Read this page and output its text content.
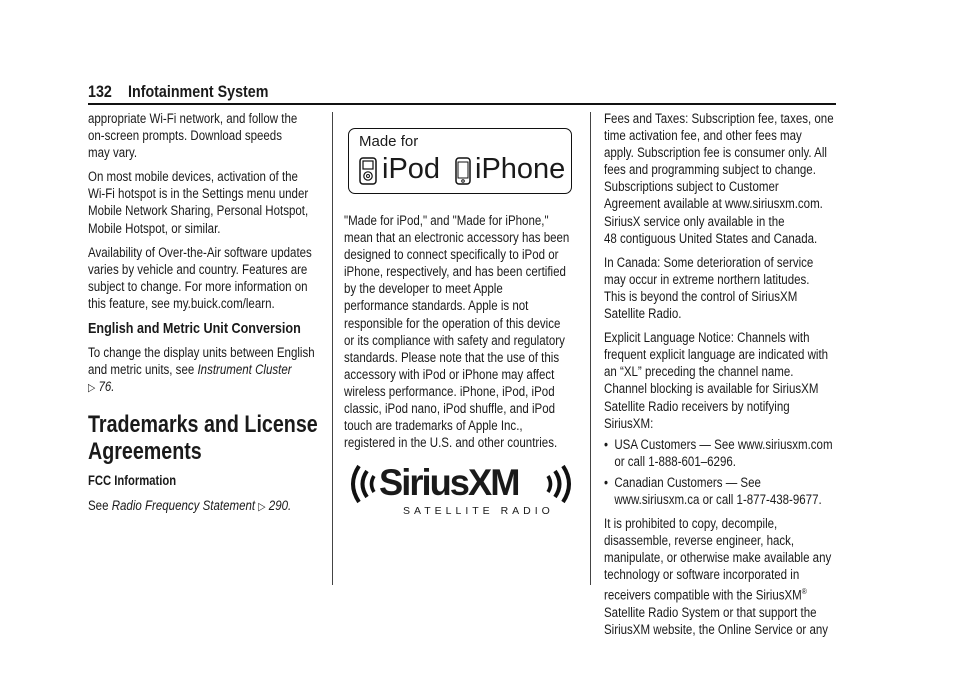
132 Infotainment System
appropriate Wi-Fi network, and follow the
on-screen prompts. Download speeds
may vary.
On most mobile devices, activation of the
Wi-Fi hotspot is in the Settings menu under
Mobile Network Sharing, Personal Hotspot,
Mobile Hotspot, or similar.
Availability of Over-the-Air software updates
varies by vehicle and country. Features are
subject to change. For more information on
this feature, see my.buick.com/learn.
English and Metric Unit Conversion
To change the display units between English
and metric units, see Instrument Cluster
▷ 76.
Trademarks and License
Agreements
FCC Information
See Radio Frequency Statement ▷ 290.
Made for
iPod iPhone
"Made for iPod," and "Made for iPhone,"
mean that an electronic accessory has been
designed to connect specifically to iPod or
iPhone, respectively, and has been certified
by the developer to meet Apple
performance standards. Apple is not
responsible for the operation of this device
or its compliance with safety and regulatory
standards. Please note that the use of this
accessory with iPod or iPhone may affect
wireless performance. iPhone, iPod, iPod
classic, iPod nano, iPod shuffle, and iPod
touch are trademarks of Apple Inc.,
registered in the U.S. and other countries.
SiriusXM
SATELLITE RADIO
Fees and Taxes: Subscription fee, taxes, one
time activation fee, and other fees may
apply. Subscription fee is consumer only. All
fees and programming subject to change.
Subscriptions subject to Customer
Agreement available at www.siriusxm.com.
SiriusX service only available in the
48 contiguous United States and Canada.
In Canada: Some deterioration of service
may occur in extreme northern latitudes.
This is beyond the control of SiriusXM
Satellite Radio.
Explicit Language Notice: Channels with
frequent explicit language are indicated with
an “XL” preceding the channel name.
Channel blocking is available for SiriusXM
Satellite Radio receivers by notifying
SiriusXM:
• USA Customers — See www.siriusxm.com
or call 1-888-601–6296.
• Canadian Customers — See
www.siriusxm.ca or call 1-877-438-9677.
It is prohibited to copy, decompile,
disassemble, reverse engineer, hack,
manipulate, or otherwise make available any
technology or software incorporated in
receivers compatible with the SiriusXM®
Satellite Radio System or that support the
SiriusXM website, the Online Service or any
